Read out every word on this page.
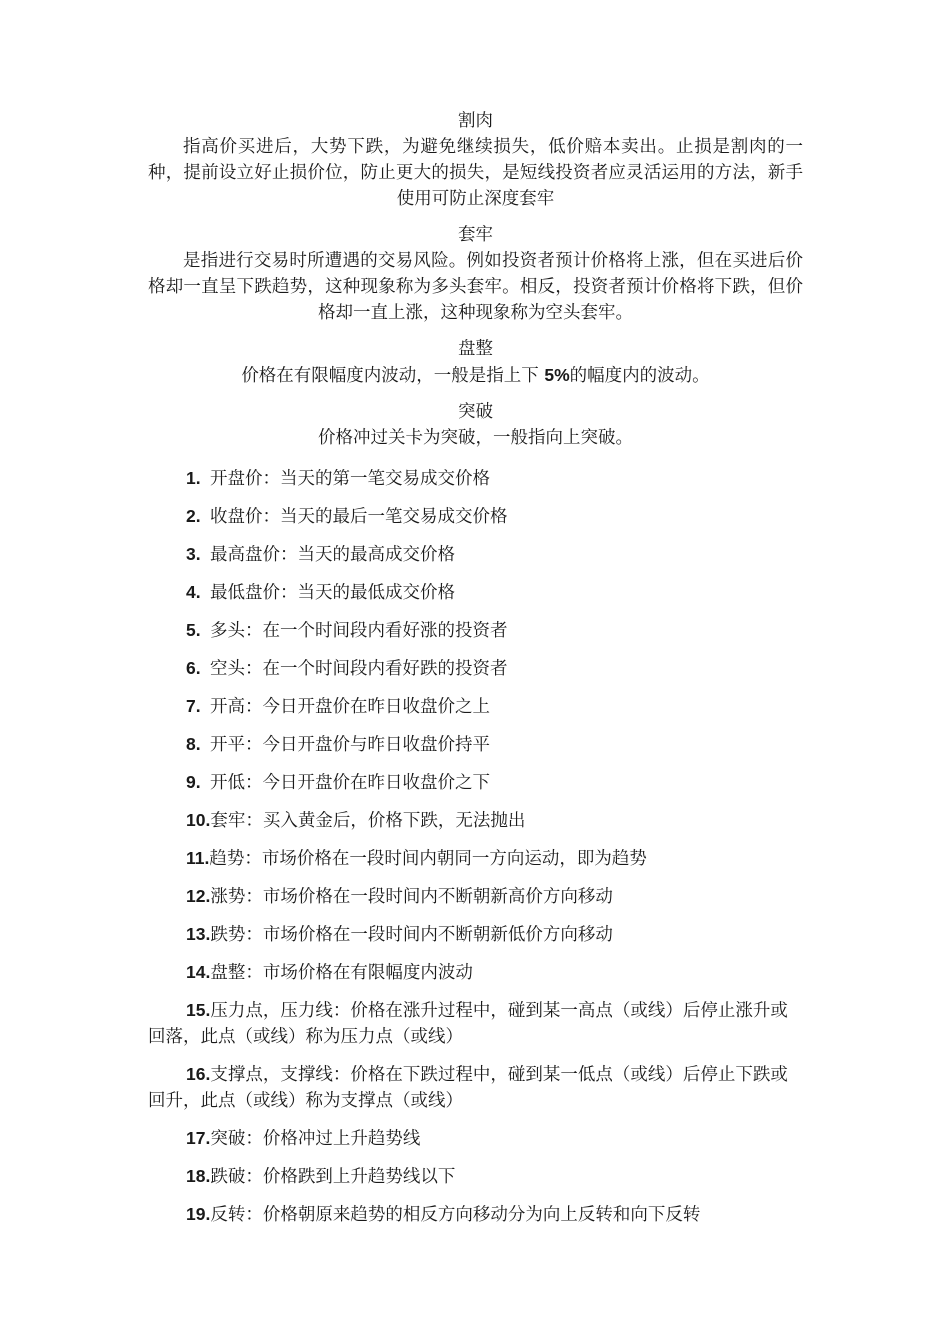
割肉

指高价买进后，大势下跌，为避免继续损失，低价赔本卖出。止损是割肉的一种，提前设立好止损价位，防止更大的损失，是短线投资者应灵活运用的方法，新手使用可防止深度套牢

套牢

是指进行交易时所遭遇的交易风险。例如投资者预计价格将上涨，但在买进后价格却一直呈下跌趋势，这种现象称为多头套牢。相反，投资者预计价格将下跌，但价格却一直上涨，这种现象称为空头套牢。

盘整

价格在有限幅度内波动，一般是指上下 5%的幅度内的波动。

突破

价格冲过关卡为突破，一般指向上突破。

1. 开盘价：当天的第一笔交易成交价格
2. 收盘价：当天的最后一笔交易成交价格
3. 最高盘价：当天的最高成交价格
4. 最低盘价：当天的最低成交价格
5. 多头：在一个时间段内看好涨的投资者
6. 空头：在一个时间段内看好跌的投资者
7. 开高：今日开盘价在昨日收盘价之上
8. 开平：今日开盘价与昨日收盘价持平
9. 开低：今日开盘价在昨日收盘价之下
10.套牢：买入黄金后，价格下跌，无法抛出
11.趋势：市场价格在一段时间内朝同一方向运动，即为趋势
12.涨势：市场价格在一段时间内不断朝新高价方向移动
13.跌势：市场价格在一段时间内不断朝新低价方向移动
14.盘整：市场价格在有限幅度内波动
15.压力点，压力线：价格在涨升过程中，碰到某一高点（或线）后停止涨升或回落，此点（或线）称为压力点（或线）
16.支撑点，支撑线：价格在下跌过程中，碰到某一低点（或线）后停止下跌或回升，此点（或线）称为支撑点（或线）
17.突破：价格冲过上升趋势线
18.跌破：价格跌到上升趋势线以下
19.反转：价格朝原来趋势的相反方向移动分为向上反转和向下反转
